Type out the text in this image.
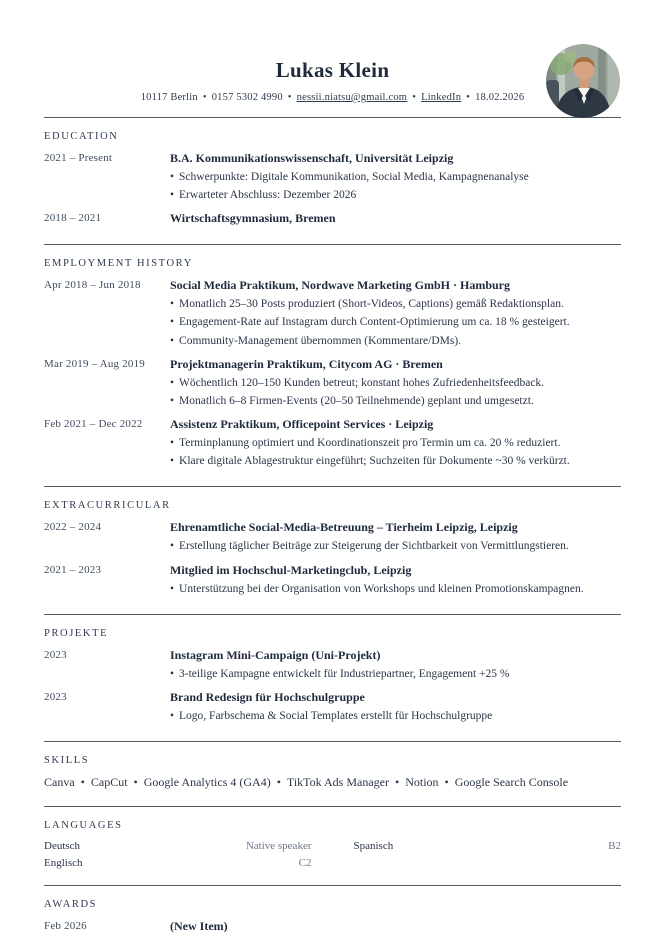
Lukas Klein
10117 Berlin • 0157 5302 4990 • nessii.niatsu@gmail.com • LinkedIn • 18.02.2026
EDUCATION
2021 – Present	B.A. Kommunikationswissenschaft, Universität Leipzig
• Schwerpunkte: Digitale Kommunikation, Social Media, Kampagnenanalyse
• Erwarteter Abschluss: Dezember 2026
2018 – 2021	Wirtschaftsgymnasium, Bremen
EMPLOYMENT HISTORY
Apr 2018 – Jun 2018	Social Media Praktikum, Nordwave Marketing GmbH · Hamburg
• Monatlich 25–30 Posts produziert (Short-Videos, Captions) gemäß Redaktionsplan.
• Engagement-Rate auf Instagram durch Content-Optimierung um ca. 18 % gesteigert.
• Community-Management übernommen (Kommentare/DMs).
Mar 2019 – Aug 2019	Projektmanagerin Praktikum, Citycom AG · Bremen
• Wöchentlich 120–150 Kunden betreut; konstant hohes Zufriedenheitsfeedback.
• Monatlich 6–8 Firmen-Events (20–50 Teilnehmende) geplant und umgesetzt.
Feb 2021 – Dec 2022	Assistenz Praktikum, Officepoint Services · Leipzig
• Terminplanung optimiert und Koordinationszeit pro Termin um ca. 20 % reduziert.
• Klare digitale Ablagestruktur eingeführt; Suchzeiten für Dokumente ~30 % verkürzt.
EXTRACURRICULAR
2022 – 2024	Ehrenamtliche Social-Media-Betreuung – Tierheim Leipzig, Leipzig
• Erstellung täglicher Beiträge zur Steigerung der Sichtbarkeit von Vermittlungstieren.
2021 – 2023	Mitglied im Hochschul-Marketingclub, Leipzig
• Unterstützung bei der Organisation von Workshops und kleinen Promotionskampagnen.
PROJEKTE
2023	Instagram Mini-Campaign (Uni-Projekt)
• 3-teilige Kampagne entwickelt für Industriepartner, Engagement +25 %
2023	Brand Redesign für Hochschulgruppe
• Logo, Farbschema & Social Templates erstellt für Hochschulgruppe
SKILLS
Canva • CapCut • Google Analytics 4 (GA4) • TikTok Ads Manager • Notion • Google Search Console
LANGUAGES
Deutsch	Native speaker	Spanisch	B2
Englisch	C2
AWARDS
Feb 2026	(New Item)
